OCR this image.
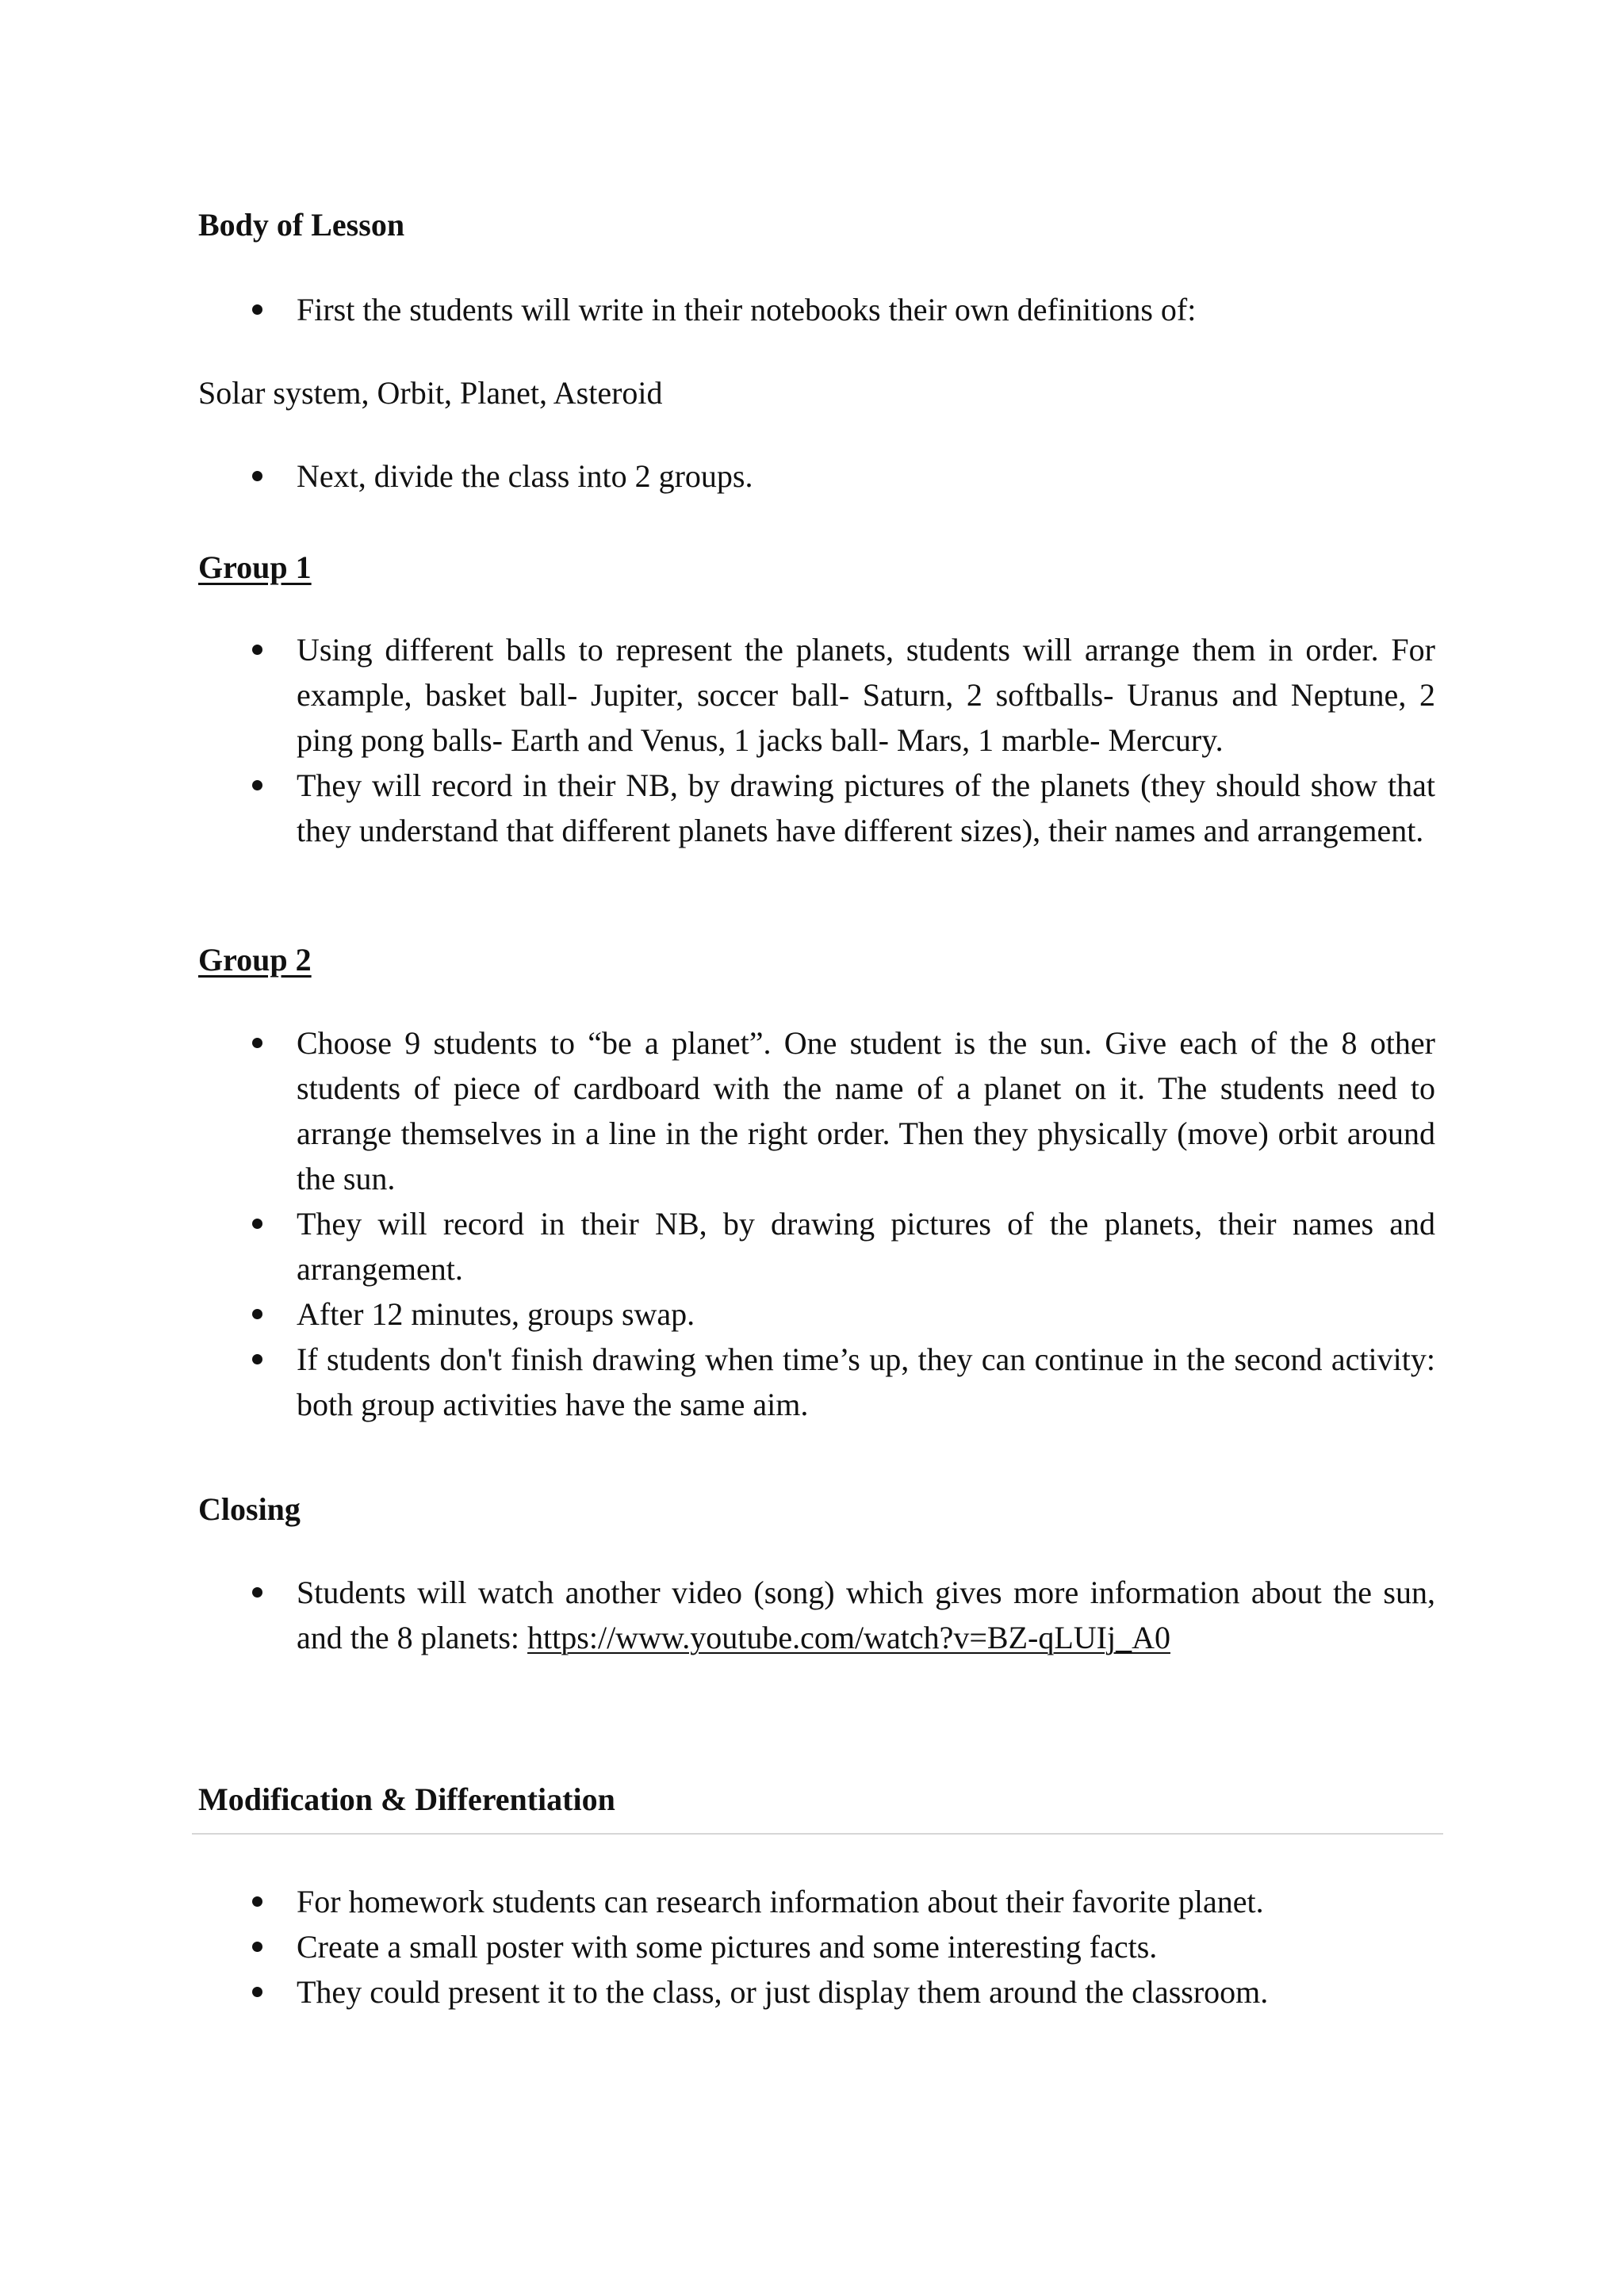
Body of Lesson

First the students will write in their notebooks their own definitions of:

Solar system, Orbit, Planet, Asteroid

Next, divide the class into 2 groups.

Group 1

Using different balls to represent the planets, students will arrange them in order. For example, basket ball- Jupiter, soccer ball- Saturn, 2 softballs- Uranus and Neptune, 2 ping pong balls- Earth and Venus, 1 jacks ball- Mars, 1 marble- Mercury.
They will record in their NB, by drawing pictures of the planets (they should show that they understand that different planets have different sizes), their names and arrangement.

Group 2

Choose 9 students to “be a planet”. One student is the sun. Give each of the 8 other students of piece of cardboard with the name of a planet on it. The students need to arrange themselves in a line in the right order. Then they physically (move) orbit around the sun.
They will record in their NB, by drawing pictures of the planets, their names and arrangement.
After 12 minutes, groups swap.
If students don't finish drawing when time’s up, they can continue in the second activity: both group activities have the same aim.

Closing

Students will watch another video (song) which gives more information about the sun, and the 8 planets: https://www.youtube.com/watch?v=BZ-qLUIj_A0

Modification & Differentiation

For homework students can research information about their favorite planet.
Create a small poster with some pictures and some interesting facts.
They could present it to the class, or just display them around the classroom.
